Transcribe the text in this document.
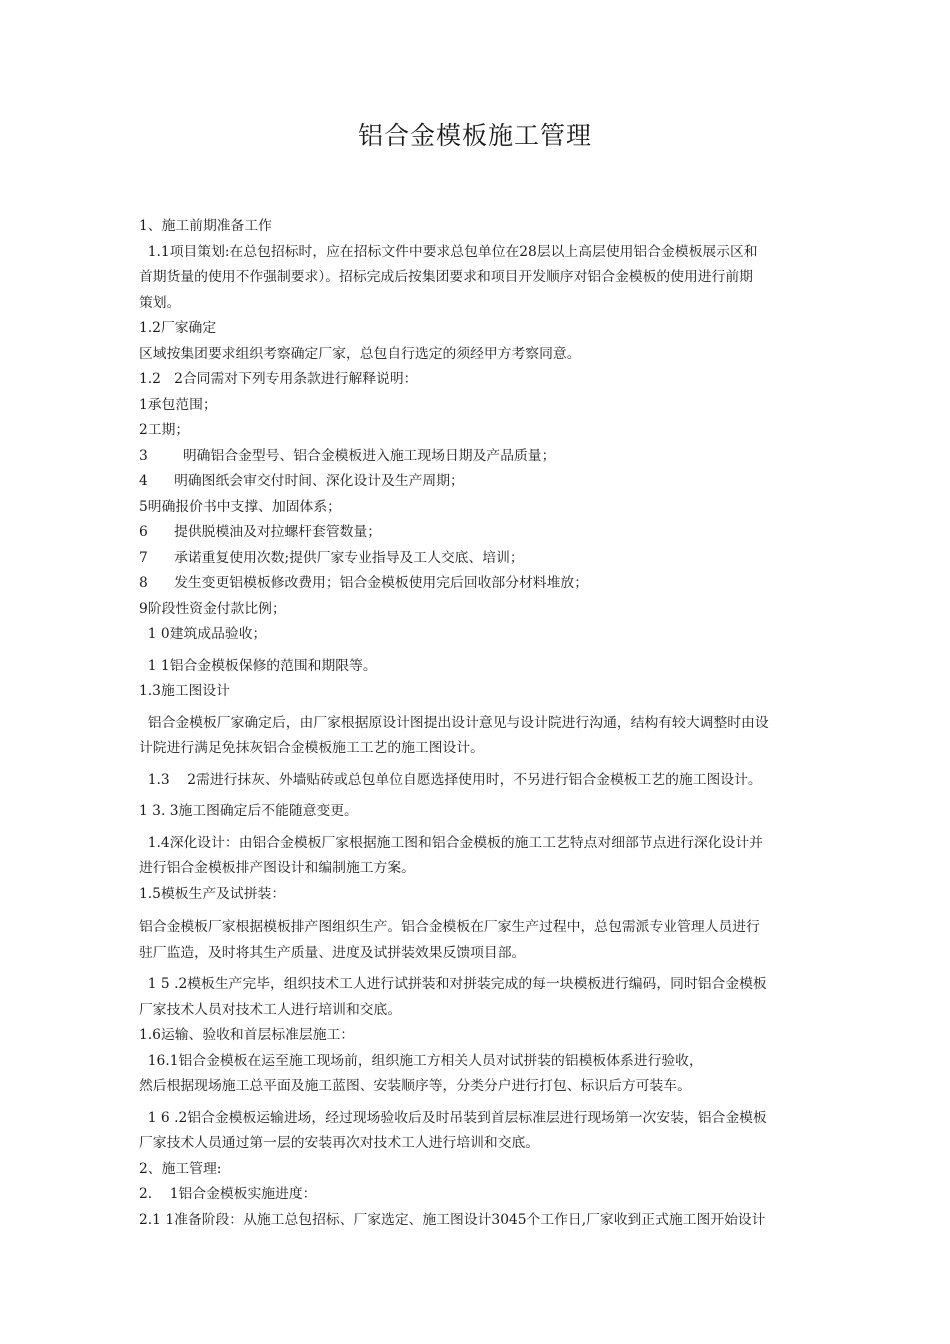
铝合金模板施工管理

1、施工前期准备工作

1.1项目策划:在总包招标时，应在招标文件中要求总包单位在28层以上高层使用铝合金模板展示区和

首期货量的使用不作强制要求）。招标完成后按集团要求和项目开发顺序对铝合金模板的使用进行前期

策划。

1.2厂家确定

区域按集团要求组织考察确定厂家，总包自行选定的须经甲方考察同意。

1.2   2合同需对下列专用条款进行解释说明：

1承包范围；

2工期；

3        明确铝合金型号、铝合金模板进入施工现场日期及产品质量；

4      明确图纸会审交付时间、深化设计及生产周期；

5明确报价书中支撑、加固体系；

6      提供脱模油及对拉螺杆套管数量；

7      承诺重复使用次数;提供厂家专业指导及工人交底、培训；

8      发生变更铝模板修改费用；铝合金模板使用完后回收部分材料堆放；

9阶段性资金付款比例；

1 0建筑成品验收；

1 1铝合金模板保修的范围和期限等。

1.3施工图设计

铝合金模板厂家确定后，由厂家根据原设计图提出设计意见与设计院进行沟通，结构有较大调整时由设

计院进行满足免抹灰铝合金模板施工工艺的施工图设计。

1.3    2需进行抹灰、外墙贴砖或总包单位自愿选择使用时，不另进行铝合金模板工艺的施工图设计。

1 3. 3施工图确定后不能随意变更。

1.4深化设计：由铝合金模板厂家根据施工图和铝合金模板的施工工艺特点对细部节点进行深化设计并

进行铝合金模板排产图设计和编制施工方案。

1.5模板生产及试拼装：

铝合金模板厂家根据模板排产图组织生产。铝合金模板在厂家生产过程中，总包需派专业管理人员进行

驻厂监造，及时将其生产质量、进度及试拼装效果反馈项目部。

1 5 .2模板生产完毕，组织技术工人进行试拼装和对拼装完成的每一块模板进行编码，同时铝合金模板

厂家技术人员对技术工人进行培训和交底。

1.6运输、验收和首层标准层施工：

16.1铝合金模板在运至施工现场前，组织施工方相关人员对试拼装的铝模板体系进行验收，

然后根据现场施工总平面及施工蓝图、安装顺序等，分类分户进行打包、标识后方可装车。

1 6 .2铝合金模板运输进场，经过现场验收后及时吊装到首层标准层进行现场第一次安装，铝合金模板

厂家技术人员通过第一层的安装再次对技术工人进行培训和交底。

2、施工管理:

2.    1铝合金模板实施进度：

2.1 1准备阶段：从施工总包招标、厂家选定、施工图设计3045个工作日,厂家收到正式施工图开始设计
